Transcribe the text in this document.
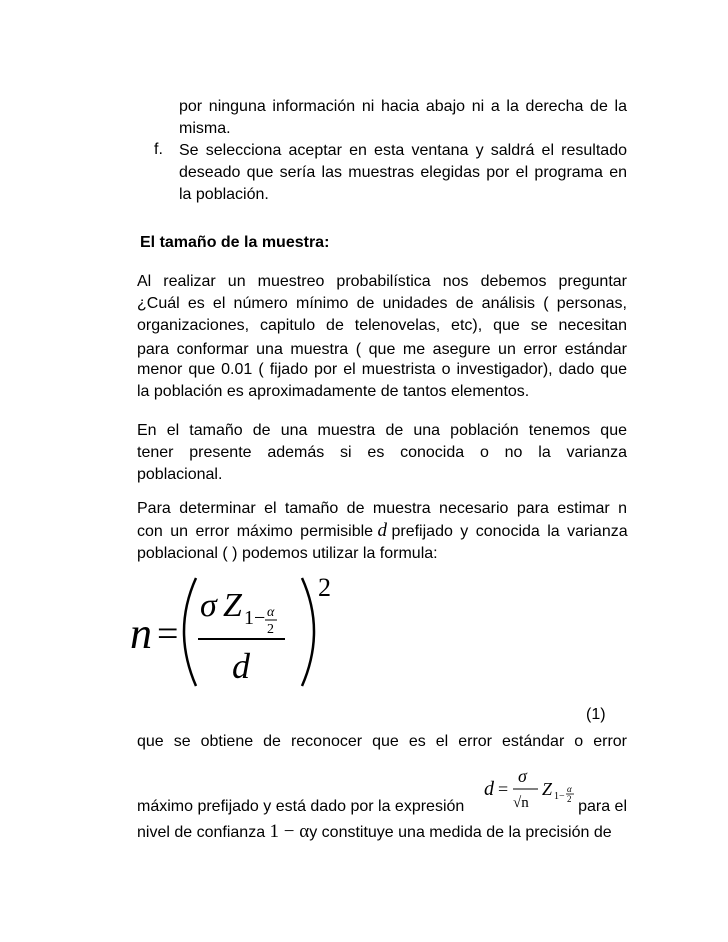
por ninguna información ni hacia abajo ni a la derecha de la
misma.
f. Se selecciona aceptar en esta ventana y saldrá el resultado
deseado que sería las muestras elegidas por el programa en
la población.
El tamaño de la muestra:
Al realizar un muestreo probabilística nos debemos preguntar
¿Cuál es el número mínimo de unidades de análisis ( personas,
organizaciones, capitulo de telenovelas, etc), que se necesitan
para conformar una muestra ( que me asegure un error estándar
menor que 0.01 ( fijado por el muestrista o investigador), dado que
la población es aproximadamente de tantos elementos.
En el tamaño de una muestra de una población tenemos que
tener presente además si es conocida o no la varianza
poblacional.
Para determinar el tamaño de muestra necesario para estimar n
con un error máximo permisible d prefijado y conocida la varianza
poblacional ( ) podemos utilizar la formula:
n =
σ Z 1− α
2
d
2
(1)
que se obtiene de reconocer que es el error estándar o error
máximo prefijado y está dado por la expresión
d =
σ
√n
Z 1−
α
2 para el
nivel de confianza 1 − αy constituye una medida de la precisión de
